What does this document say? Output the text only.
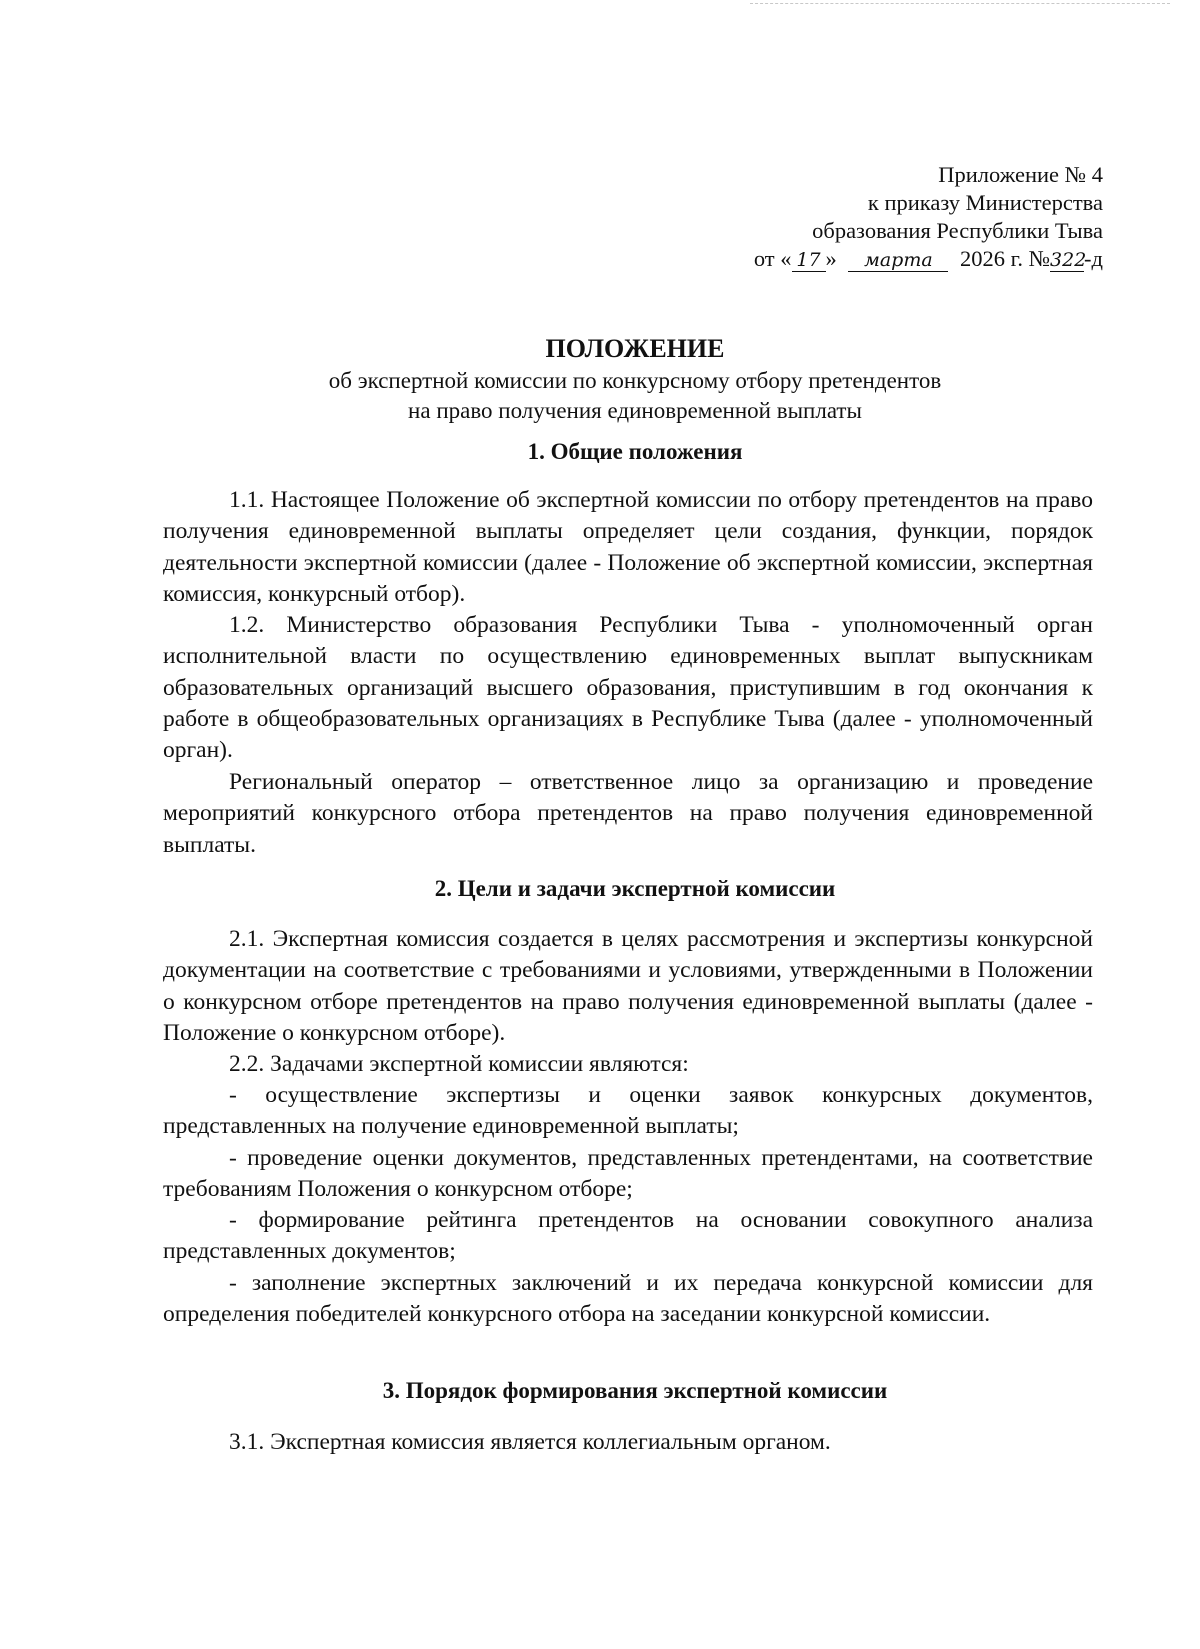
Приложение № 4
к приказу Министерства
образования Республики Тыва
от « 17 » марта 2026 г. №322-д
ПОЛОЖЕНИЕ
об экспертной комиссии по конкурсному отбору претендентов
на право получения единовременной выплаты
1. Общие положения

1.1. Настоящее Положение об экспертной комиссии по отбору претендентов на право получения единовременной выплаты определяет цели создания, функции, порядок деятельности экспертной комиссии (далее - Положение об экспертной комиссии, экспертная комиссия, конкурсный отбор).

1.2. Министерство образования Республики Тыва - уполномоченный орган исполнительной власти по осуществлению единовременных выплат выпускникам образовательных организаций высшего образования, приступившим в год окончания к работе в общеобразовательных организациях в Республике Тыва (далее - уполномоченный орган).

Региональный оператор – ответственное лицо за организацию и проведение мероприятий конкурсного отбора претендентов на право получения единовременной выплаты.

2. Цели и задачи экспертной комиссии

2.1. Экспертная комиссия создается в целях рассмотрения и экспертизы конкурсной документации на соответствие с требованиями и условиями, утвержденными в Положении о конкурсном отборе претендентов на право получения единовременной выплаты (далее - Положение о конкурсном отборе).

2.2. Задачами экспертной комиссии являются:

- осуществление экспертизы и оценки заявок конкурсных документов, представленных на получение единовременной выплаты;

- проведение оценки документов, представленных претендентами, на соответствие требованиям Положения о конкурсном отборе;

- формирование рейтинга претендентов на основании совокупного анализа представленных документов;

- заполнение экспертных заключений и их передача конкурсной комиссии для определения победителей конкурсного отбора на заседании конкурсной комиссии.

3. Порядок формирования экспертной комиссии

3.1. Экспертная комиссия является коллегиальным органом.
